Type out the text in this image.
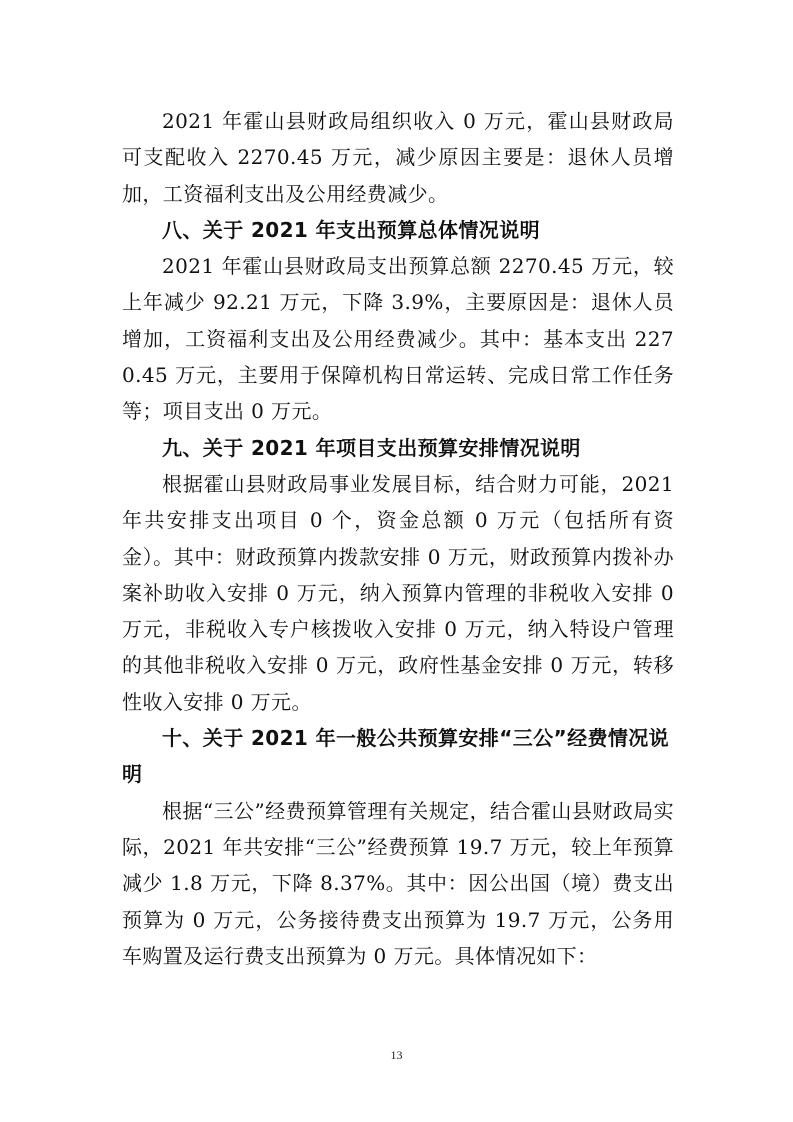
2021 年霍山县财政局组织收入 0 万元，霍山县财政局可支配收入 2270.45 万元，减少原因主要是：退休人员增加，工资福利支出及公用经费减少。

八、关于 2021 年支出预算总体情况说明

2021 年霍山县财政局支出预算总额 2270.45 万元，较上年减少 92.21 万元，下降 3.9%，主要原因是：退休人员增加，工资福利支出及公用经费减少。其中：基本支出 2270.45 万元，主要用于保障机构日常运转、完成日常工作任务等；项目支出 0 万元。

九、关于 2021 年项目支出预算安排情况说明

根据霍山县财政局事业发展目标，结合财力可能，2021 年共安排支出项目 0 个，资金总额 0 万元（包括所有资金）。其中：财政预算内拨款安排 0 万元，财政预算内拨补办案补助收入安排 0 万元，纳入预算内管理的非税收入安排 0 万元，非税收入专户核拨收入安排 0 万元，纳入特设户管理的其他非税收入安排 0 万元，政府性基金安排 0 万元，转移性收入安排 0 万元。

十、关于 2021 年一般公共预算安排“三公”经费情况说明

根据“三公”经费预算管理有关规定，结合霍山县财政局实际，2021 年共安排“三公”经费预算 19.7 万元，较上年预算减少 1.8 万元，下降 8.37%。其中：因公出国（境）费支出预算为 0 万元，公务接待费支出预算为 19.7 万元，公务用车购置及运行费支出预算为 0 万元。具体情况如下：

13
